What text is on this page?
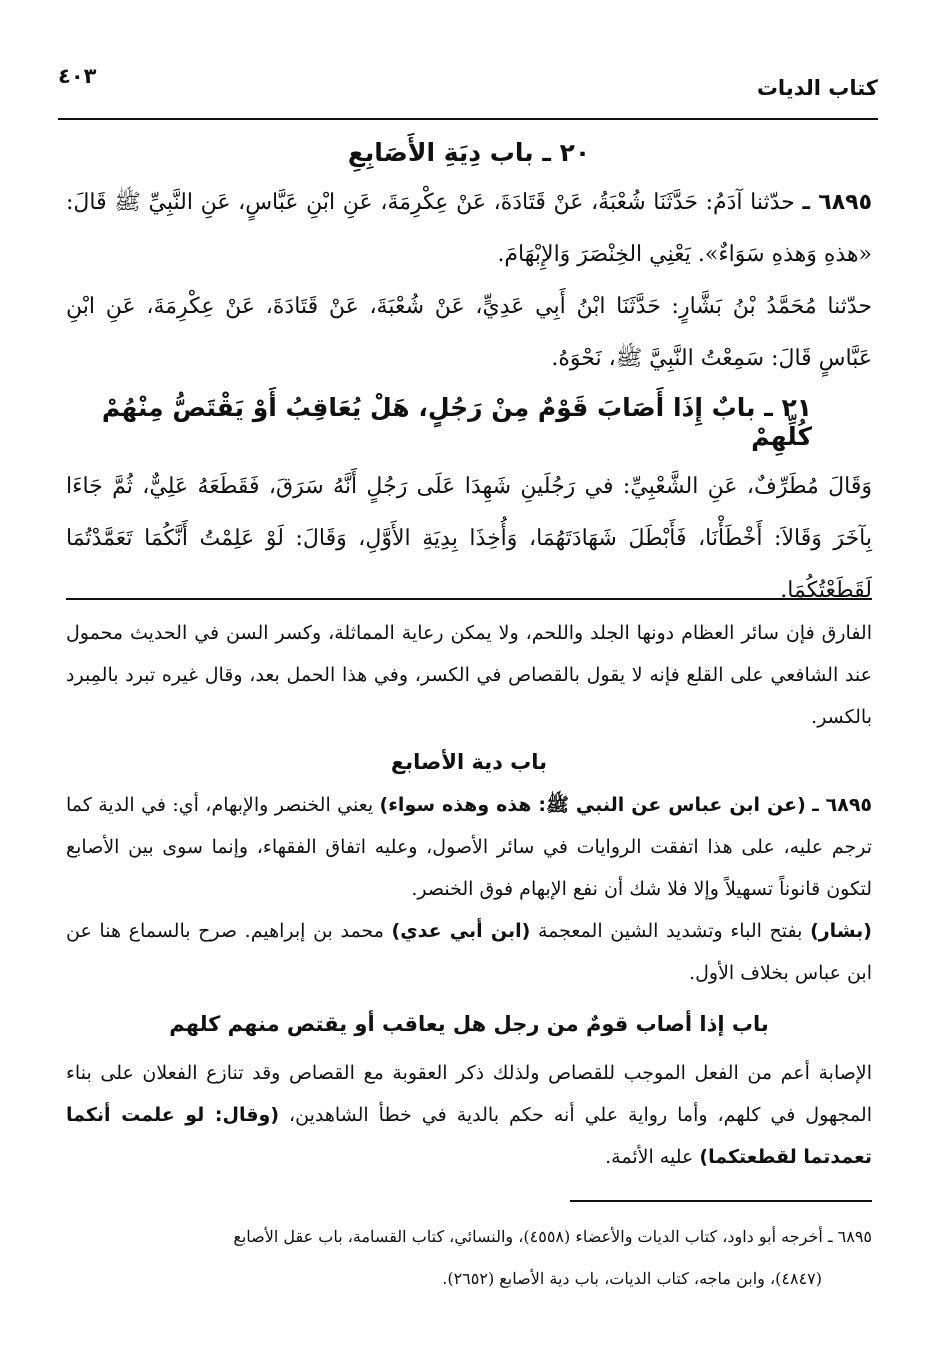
كتاب الديات
٤٠٣
٢٠ ـ باب دِيَةِ الأَصَابِعِ

٦٨٩٥ ـ حدّثنا آدَمُ: حَدَّثَنَا شُعْبَةُ، عَنْ قَتَادَةَ، عَنْ عِكْرِمَةَ، عَنِ ابْنِ عَبَّاسٍ، عَنِ النَّبِيِّ ﷺ قَالَ: «هذهِ وَهذهِ سَوَاءٌ». يَعْنِي الخِنْصَرَ وَالإِبْهَامَ.

حدّثنا مُحَمَّدُ بْنُ بَشَّارٍ: حَدَّثَنَا ابْنُ أَبِي عَدِيٍّ، عَنْ شُعْبَةَ، عَنْ قَتَادَةَ، عَنْ عِكْرِمَةَ، عَنِ ابْنِ عَبَّاسٍ قَالَ: سَمِعْتُ النَّبِيَّ ﷺ، نَحْوَهُ.

٢١ ـ بابٌ إِذَا أَصَابَ قَوْمٌ مِنْ رَجُلٍ، هَلْ يُعَاقِبُ أَوْ يَقْتَصُّ مِنْهُمْ كُلِّهِمْ

وَقَالَ مُطَرِّفٌ، عَنِ الشَّعْبِيِّ: في رَجُلَينِ شَهِدَا عَلَى رَجُلٍ أَنَّهُ سَرَقَ، فَقَطَعَهُ عَلِيٌّ، ثُمَّ جَاءَا بِآخَرَ وَقَالاَ: أَخْطَأْنَا، فَأَبْطَلَ شَهَادَتَهُمَا، وَأُخِذَا بِدِيَةِ الأَوَّلِ، وَقَالَ: لَوْ عَلِمْتُ أَنَّكُمَا تَعَمَّدْتُمَا لَقَطَعْتُكُمَا.

الفارق فإن سائر العظام دونها الجلد واللحم، ولا يمكن رعاية المماثلة، وكسر السن في الحديث محمول عند الشافعي على القلع فإنه لا يقول بالقصاص في الكسر، وفي هذا الحمل بعد، وقال غيره تبرد بالمِبرد بالكسر.

باب دية الأصابع

٦٨٩٥ ـ (عن ابن عباس عن النبي ﷺ: هذه وهذه سواء) يعني الخنصر والإبهام، أي: في الدية كما ترجم عليه، على هذا اتفقت الروايات في سائر الأصول، وعليه اتفاق الفقهاء، وإنما سوى بين الأصابع لتكون قانوناً تسهيلاً وإلا فلا شك أن نفع الإبهام فوق الخنصر.

(بشار) بفتح الباء وتشديد الشين المعجمة (ابن أبي عدي) محمد بن إبراهيم. صرح بالسماع هنا عن ابن عباس بخلاف الأول.

باب إذا أصاب قومٌ من رجل هل يعاقب أو يقتص منهم كلهم

الإصابة أعم من الفعل الموجب للقصاص ولذلك ذكر العقوبة مع القصاص وقد تنازع الفعلان على بناء المجهول في كلهم، وأما رواية علي أنه حكم بالدية في خطأ الشاهدين، (وقال: لو علمت أنكما تعمدتما لقطعتكما) عليه الأئمة.

٦٨٩٥ ـ أخرجه أبو داود، كتاب الديات والأعضاء (٤٥٥٨)، والنسائي، كتاب القسامة، باب عقل الأصابع

(٤٨٤٧)، وابن ماجه، كتاب الديات، باب دية الأصابع (٢٦٥٢).
